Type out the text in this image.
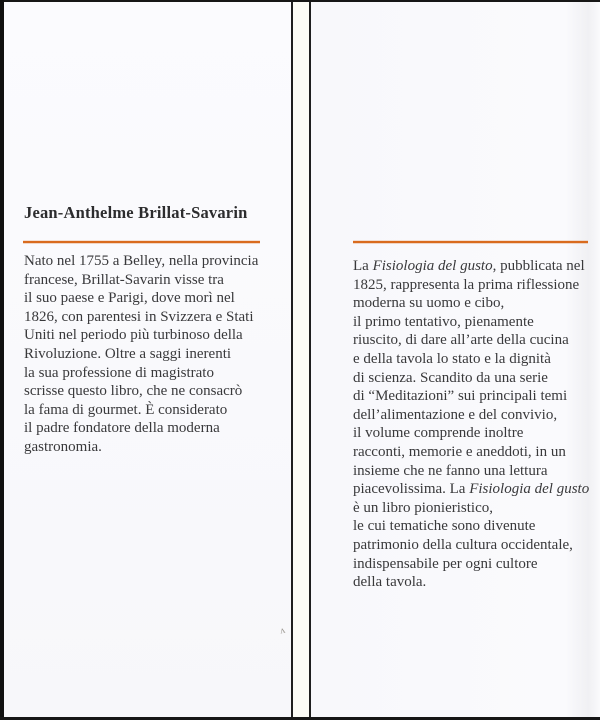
Jean-Anthelme Brillat-Savarin
Nato nel 1755 a Belley, nella provincia
francese, Brillat-Savarin visse tra
il suo paese e Parigi, dove morì nel
1826, con parentesi in Svizzera e Stati
Uniti nel periodo più turbinoso della
Rivoluzione. Oltre a saggi inerenti
la sua professione di magistrato
scrisse questo libro, che ne consacrò
la fama di gourmet. È considerato
il padre fondatore della moderna
gastronomia.
ʌ
La Fisiologia del gusto, pubblicata nel
1825, rappresenta la prima riflessione
moderna su uomo e cibo,
il primo tentativo, pienamente
riuscito, di dare all’arte della cucina
e della tavola lo stato e la dignità
di scienza. Scandito da una serie
di “Meditazioni” sui principali temi
dell’alimentazione e del convivio,
il volume comprende inoltre
racconti, memorie e aneddoti, in un
insieme che ne fanno una lettura
piacevolissima. La Fisiologia del gusto
è un libro pionieristico,
le cui tematiche sono divenute
patrimonio della cultura occidentale,
indispensabile per ogni cultore
della tavola.
